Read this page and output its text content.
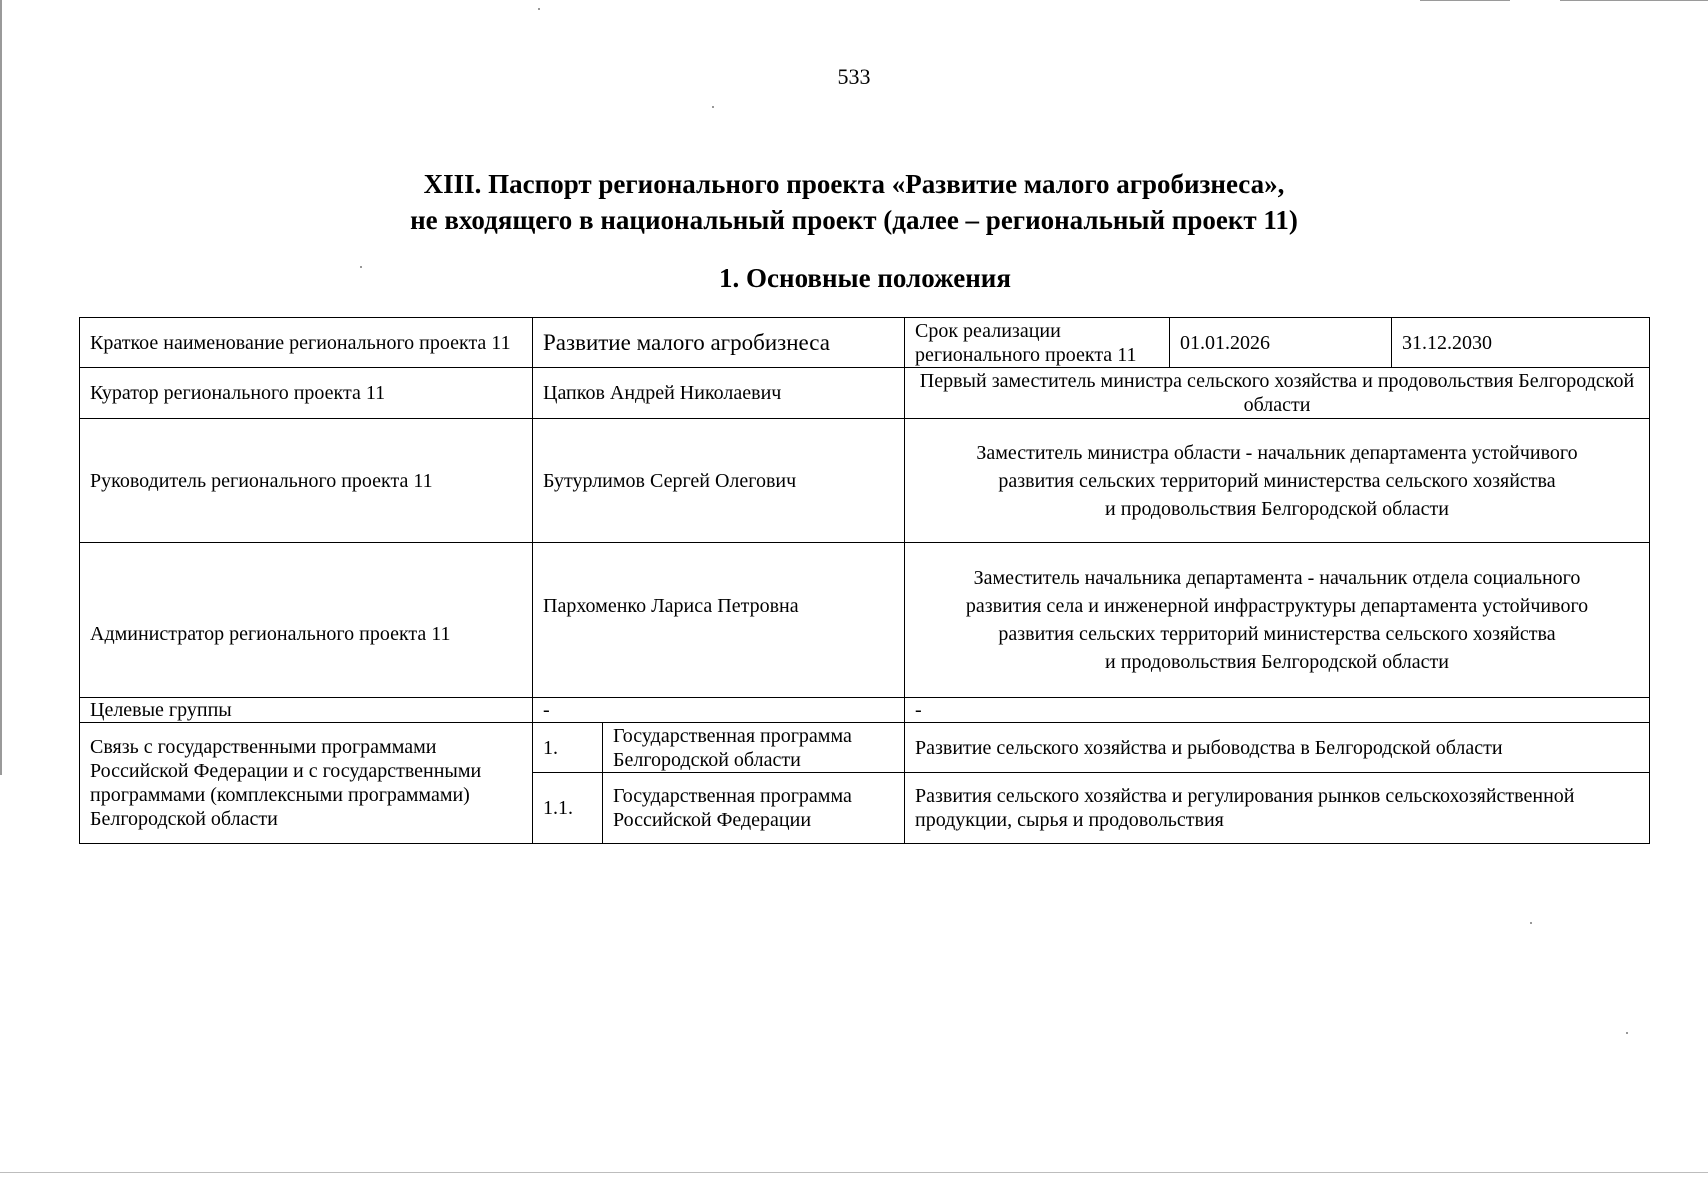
533
XIII. Паспорт регионального проекта «Развитие малого агробизнеса»,
не входящего в национальный проект (далее – региональный проект 11)
1. Основные положения
Краткое наименование регионального проекта 11	Развитие малого агробизнеса		Срок реализации регионального проекта 11	01.01.2026	31.12.2030
Куратор регионального проекта 11	Цапков Андрей Николаевич		Первый заместитель министра сельского хозяйства и продовольствия Белгородской области		
Руководитель регионального проекта 11	Бутурлимов Сергей Олегович		Заместитель министра области - начальник департамента устойчивого
развития сельских территорий министерства сельского хозяйства
и продовольствия Белгородской области		

Администратор регионального проекта 11	Пархоменко Лариса Петровна		Заместитель начальника департамента - начальник отдела социального
развития села и инженерной инфраструктуры департамента устойчивого
развития сельских территорий министерства сельского хозяйства
и продовольствия Белгородской области		

Целевые группы	-		-		
Связь с государственными программами Российской Федерации и с государственными программами (комплексными программами) Белгородской области	1.	Государственная программа Белгородской области	Развитие сельского хозяйства и рыбоводства в Белгородской области		
	1.1.	Государственная программа Российской Федерации	Развития сельского хозяйства и регулирования рынков сельскохозяйственной продукции, сырья и продовольствия		
